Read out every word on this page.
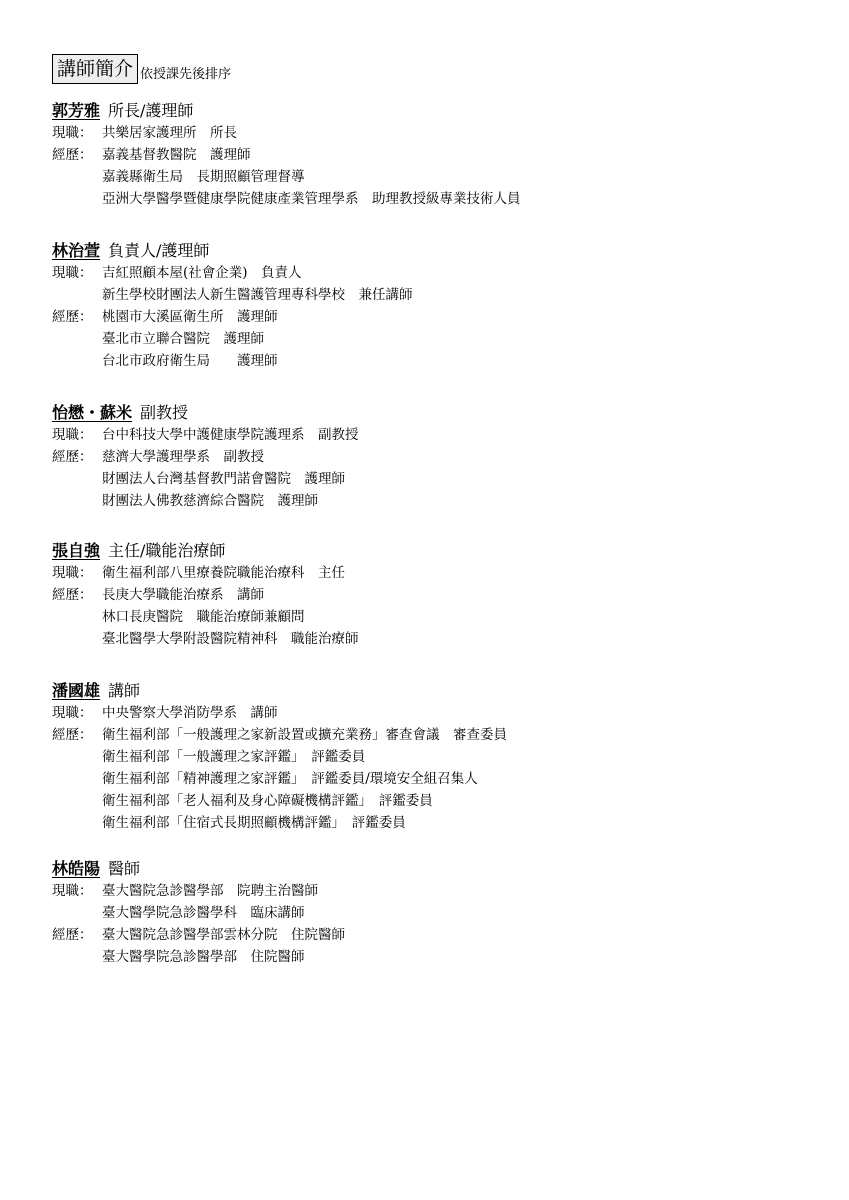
講師簡介 依授課先後排序
郭芳雅 所長/護理師
現職： 共樂居家護理所　所長
經歷： 嘉義基督教醫院　護理師
嘉義縣衛生局　長期照顧管理督導
亞洲大學醫學暨健康學院健康產業管理學系　助理教授級專業技術人員
林治萱 負責人/護理師
現職： 吉紅照顧本屋(社會企業)　負責人
新生學校財團法人新生醫護管理專科學校　兼任講師
經歷： 桃園市大溪區衛生所　護理師
臺北市立聯合醫院　護理師
台北市政府衛生局　　護理師
怡懋・蘇米 副教授
現職： 台中科技大學中護健康學院護理系　副教授
經歷： 慈濟大學護理學系　副教授
財團法人台灣基督教門諾會醫院　護理師
財團法人佛教慈濟綜合醫院　護理師
張自強 主任/職能治療師
現職： 衛生福利部八里療養院職能治療科　主任
經歷： 長庚大學職能治療系　講師
林口長庚醫院　職能治療師兼顧問
臺北醫學大學附設醫院精神科　職能治療師
潘國雄 講師
現職： 中央警察大學消防學系　講師
經歷： 衛生福利部「一般護理之家新設置或擴充業務」審查會議　審查委員
衛生福利部「一般護理之家評鑑」　評鑑委員
衛生福利部「精神護理之家評鑑」　評鑑委員/環境安全組召集人
衛生福利部「老人福利及身心障礙機構評鑑」　評鑑委員
衛生福利部「住宿式長期照顧機構評鑑」　評鑑委員
林皓陽 醫師
現職： 臺大醫院急診醫學部　院聘主治醫師
臺大醫學院急診醫學科　臨床講師
經歷： 臺大醫院急診醫學部雲林分院　住院醫師
臺大醫學院急診醫學部　住院醫師
